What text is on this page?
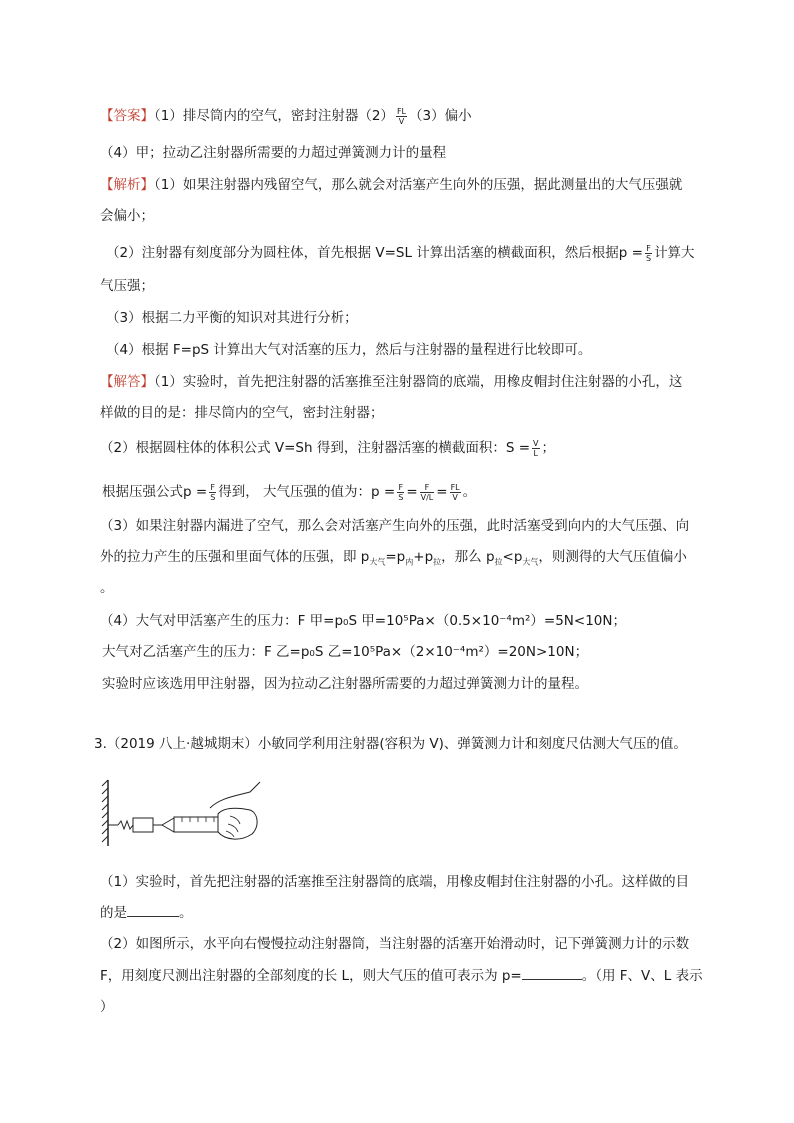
【答案】（1）排尽筒内的空气，密封注射器$(2) \frac{FL}{V} (3)$偏小
（4）甲；拉动乙注射器所需要的力超过弹簧测力计的量程
【解析】（1）如果注射器内残留空气，那么就会对活塞产生向外的压强，据此测量出的大气压强就
会偏小；
（2）注射器有刻度部分为圆柱体，首先根据 V=SL 计算出活塞的横截面积，然后根据$p = \frac{F}{S}$ 计算大
气压强；
（3）根据二力平衡的知识对其进行分析；
（4）根据 F=pS 计算出大气对活塞的压力，然后与注射器的量程进行比较即可。
【解答】（1）实验时，首先把注射器的活塞推至注射器筒的底端，用橡皮帽封住注射器的小孔，这
样做的目的是：排尽筒内的空气，密封注射器；
（2）根据圆柱体的体积公式 V=Sh 得到，注射器活塞的横截面积：$S = \frac{V}{L}$ ；
根据压强公式$p = \frac{F}{S}$ 得到， 大气压强的值为：$p = \frac{F}{S} = \frac{F}{V/L} = \frac{FL}{V}$ 。
（3）如果注射器内漏进了空气，那么会对活塞产生向外的压强，此时活塞受到向内的大气压强、向
外的拉力产生的压强和里面气体的压强，即 $p_{大气}=p_内+p_拉$，那么 $p_拉<p_{大气}$，则测得的大气压值偏小
。
（4）大气对甲活塞产生的压力：F 甲=p₀S 甲=10⁵Pa×（0.5×10⁻⁴m²）=5N<10N；
大气对乙活塞产生的压力：F 乙=p₀S 乙=10⁵Pa×（2×10⁻⁴m²）=20N>10N；
实验时应该选用甲注射器，因为拉动乙注射器所需要的力超过弹簧测力计的量程。
3.（2019 八上·越城期末）小敏同学利用注射器(容积为 V)、弹簧测力计和刻度尺估测大气压的值。
（1）实验时，首先把注射器的活塞推至注射器筒的底端，用橡皮帽封住注射器的小孔。这样做的目
的是	。
（2）如图所示，水平向右慢慢拉动注射器筒，当注射器的活塞开始滑动时，记下弹簧测力计的示数
F，用刻度尺测出注射器的全部刻度的长 L，则大气压的值可表示为 p=	。（用 F、V、L 表示
）
